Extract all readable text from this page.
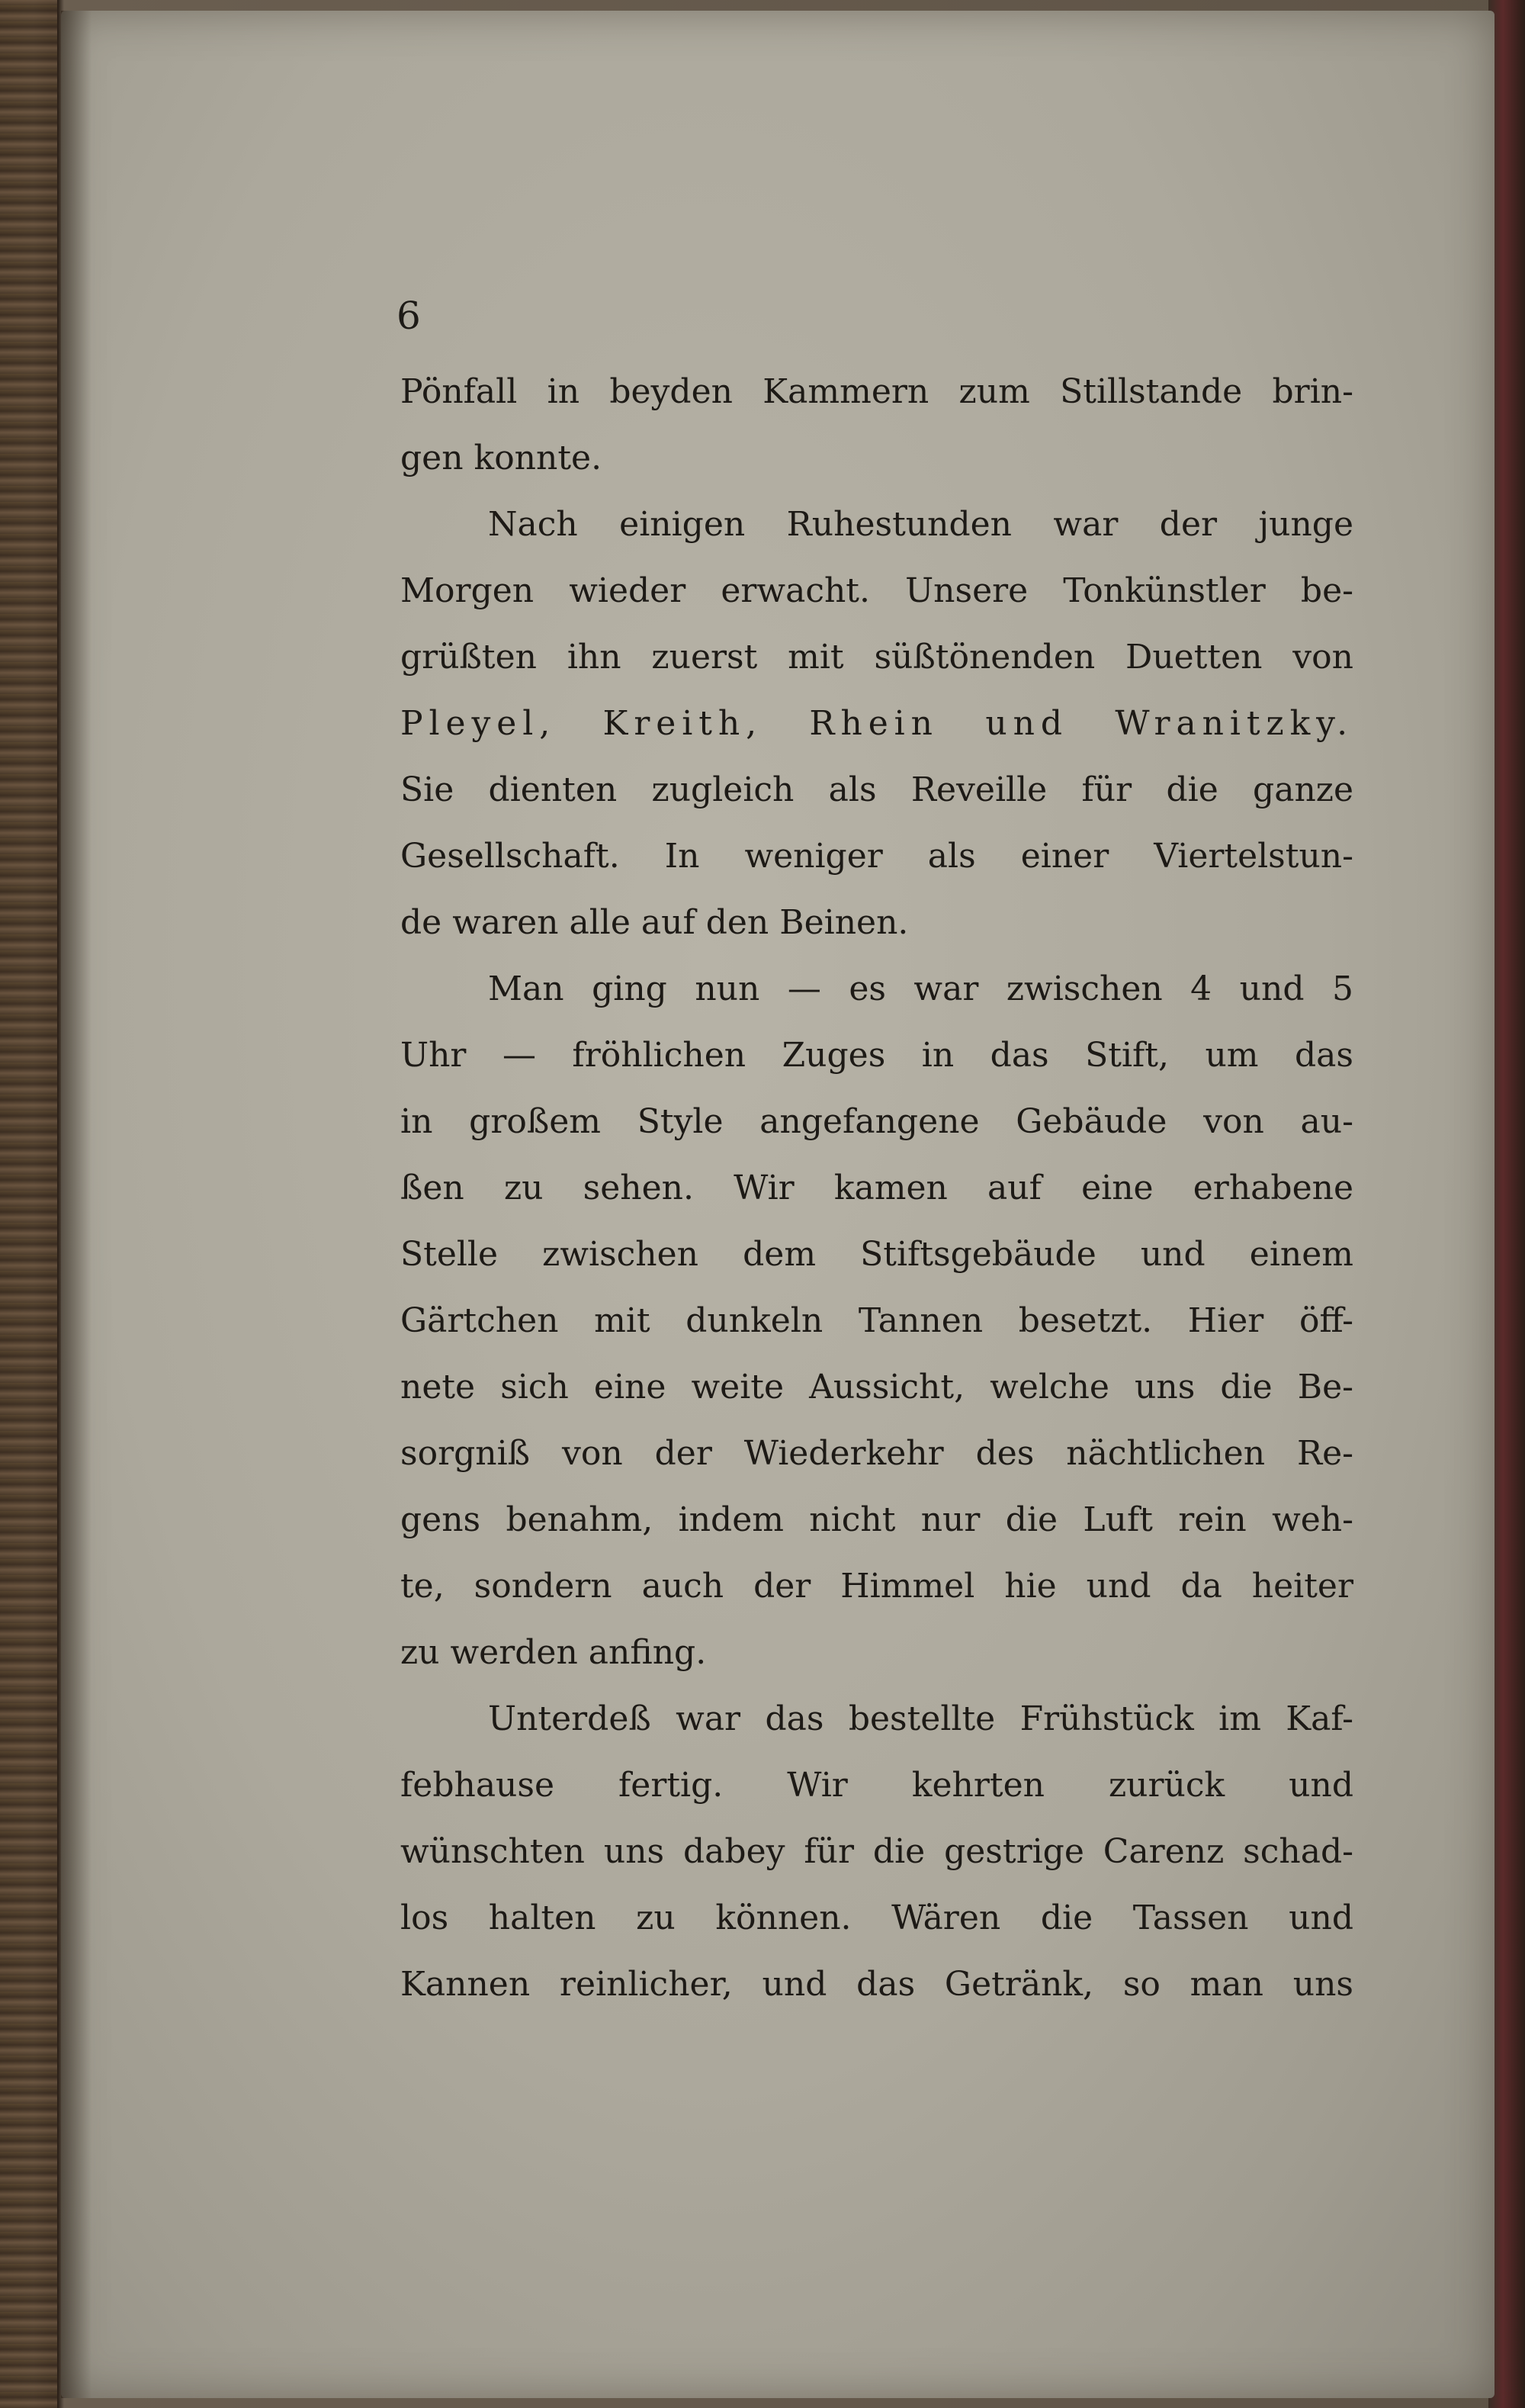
6
Pönfall in beyden Kammern zum Stillstande brin-
gen konnte.
Nach einigen Ruhestunden war der junge
Morgen wieder erwacht. Unsere Tonkünstler be-
grüßten ihn zuerst mit süßtönenden Duetten von
Pleyel, Kreith, Rhein und Wranitzky.
Sie dienten zugleich als Reveille für die ganze
Gesellschaft. In weniger als einer Viertelstun-
de waren alle auf den Beinen.
Man ging nun — es war zwischen 4 und 5
Uhr — fröhlichen Zuges in das Stift, um das
in großem Style angefangene Gebäude von au-
ßen zu sehen. Wir kamen auf eine erhabene
Stelle zwischen dem Stiftsgebäude und einem
Gärtchen mit dunkeln Tannen besetzt. Hier öff-
nete sich eine weite Aussicht, welche uns die Be-
sorgniß von der Wiederkehr des nächtlichen Re-
gens benahm, indem nicht nur die Luft rein weh-
te, sondern auch der Himmel hie und da heiter
zu werden anfing.
Unterdeß war das bestellte Frühstück im Kaf-
febhause fertig. Wir kehrten zurück und
wünschten uns dabey für die gestrige Carenz schad-
los halten zu können. Wären die Tassen und
Kannen reinlicher, und das Getränk, so man uns
